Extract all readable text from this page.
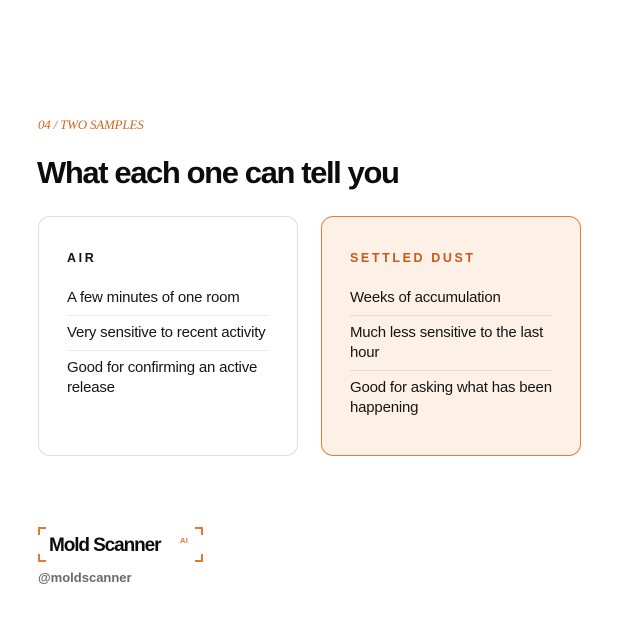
04 / TWO SAMPLES
What each one can tell you
AIR
A few minutes of one room
Very sensitive to recent activity
Good for confirming an active release
SETTLED DUST
Weeks of accumulation
Much less sensitive to the last hour
Good for asking what has been happening
Mold Scanner	AI
@moldscanner
